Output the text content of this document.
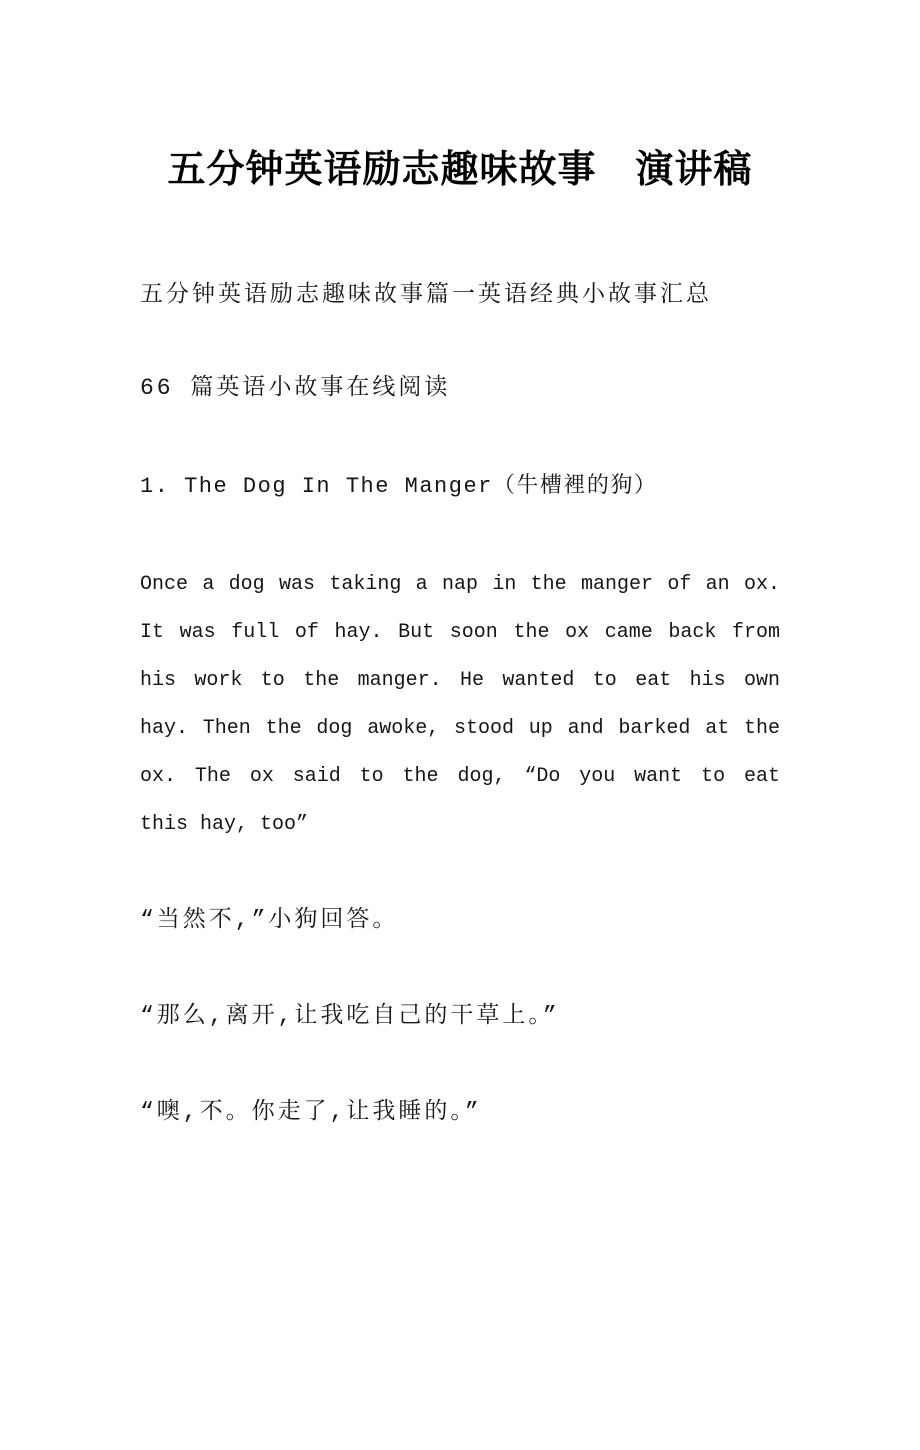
五分钟英语励志趣味故事　演讲稿

五分钟英语励志趣味故事篇一英语经典小故事汇总

66 篇英语小故事在线阅读

1. The Dog In The Manger（牛槽裡的狗）

Once a dog was taking a nap in the manger of an ox.
It was full of hay. But soon the ox came back from
his work to the manger. He wanted to eat his own
hay. Then the dog awoke, stood up and barked at the
ox. The ox said to the dog, “Do you want to eat
this hay, too”

“当然不,”小狗回答。

“那么,离开,让我吃自己的干草上。”

“噢,不。你走了,让我睡的。”
